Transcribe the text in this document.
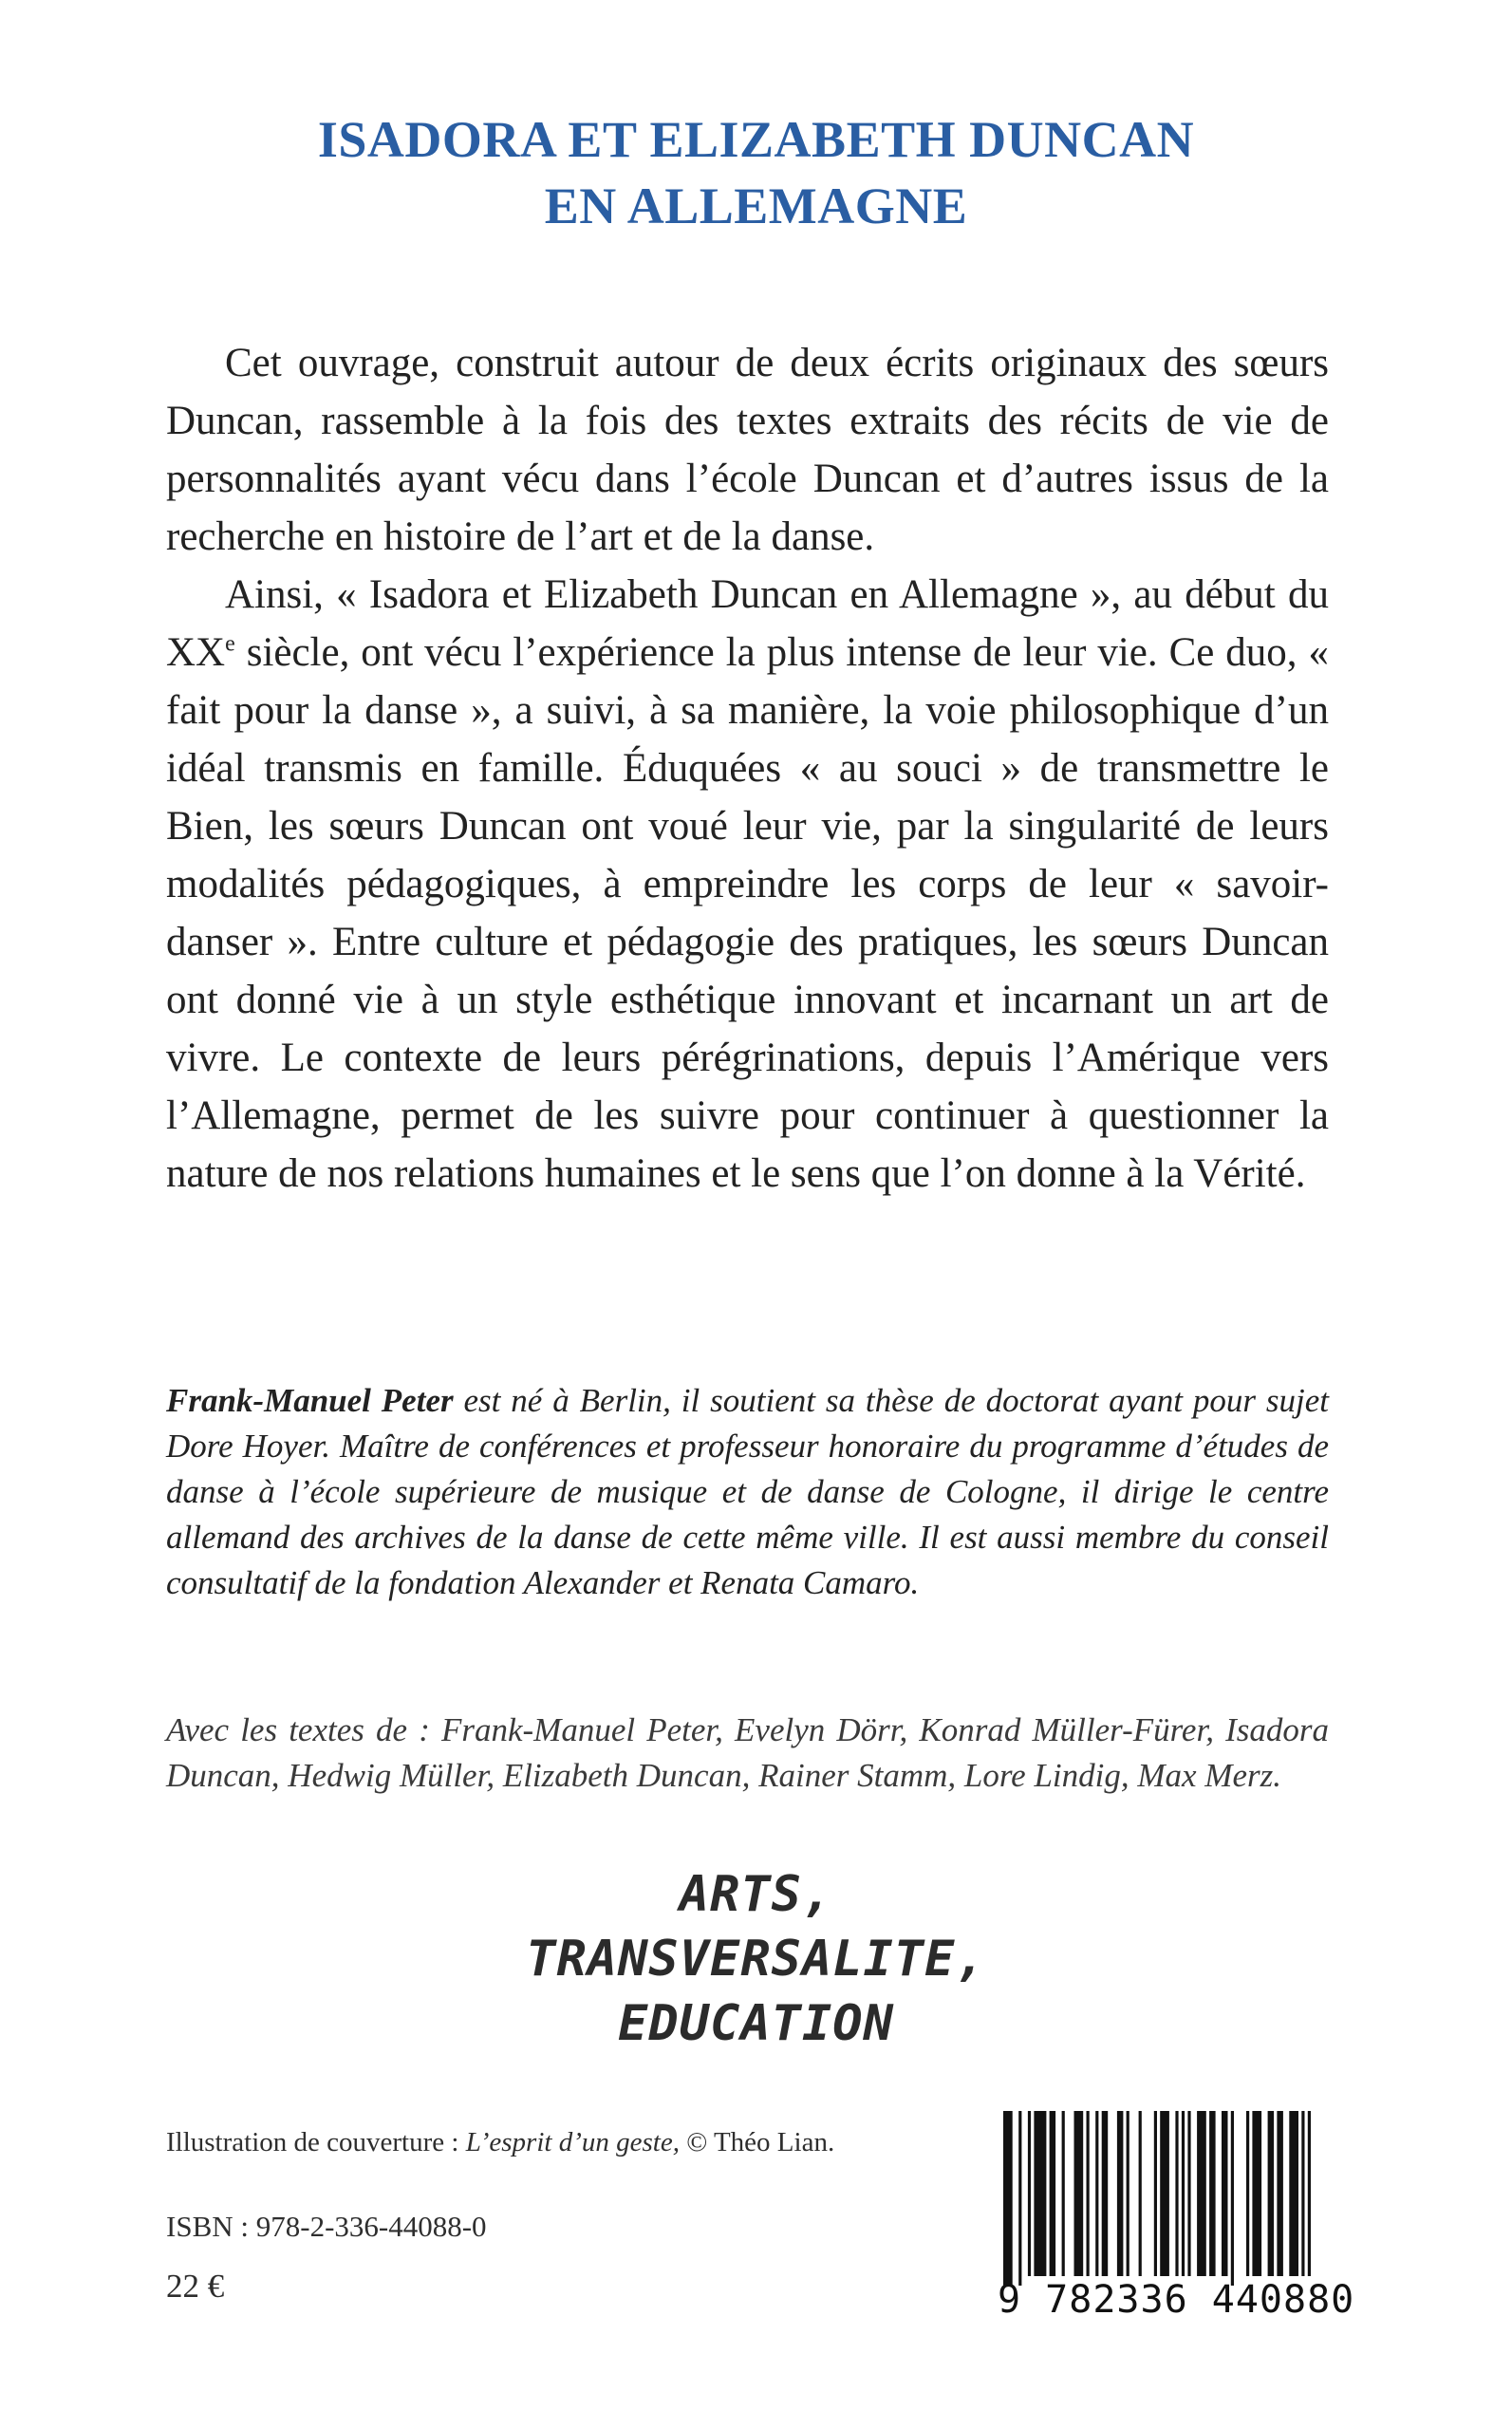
ISADORA ET ELIZABETH DUNCAN
EN ALLEMAGNE

Cet ouvrage, construit autour de deux écrits originaux des sœurs Duncan, rassemble à la fois des textes extraits des récits de vie de personnalités ayant vécu dans l’école Duncan et d’autres issus de la recherche en histoire de l’art et de la danse.

Ainsi, « Isadora et Elizabeth Duncan en Allemagne », au début du XXe siècle, ont vécu l’expérience la plus intense de leur vie. Ce duo, « fait pour la danse », a suivi, à sa manière, la voie philosophique d’un idéal transmis en famille. Éduquées « au souci » de transmettre le Bien, les sœurs Duncan ont voué leur vie, par la singularité de leurs modalités pédagogiques, à empreindre les corps de leur « savoir-danser ». Entre culture et pédagogie des pratiques, les sœurs Duncan ont donné vie à un style esthétique innovant et incarnant un art de vivre. Le contexte de leurs pérégrinations, depuis l’Amérique vers l’Allemagne, permet de les suivre pour continuer à questionner la nature de nos relations humaines et le sens que l’on donne à la Vérité.

Frank-Manuel Peter est né à Berlin, il soutient sa thèse de doctorat ayant pour sujet Dore Hoyer. Maître de conférences et professeur honoraire du programme d’études de danse à l’école supérieure de musique et de danse de Cologne, il dirige le centre allemand des archives de la danse de cette même ville. Il est aussi membre du conseil consultatif de la fondation Alexander et Renata Camaro.
Avec les textes de : Frank-Manuel Peter, Evelyn Dörr, Konrad Müller-Fürer, Isadora Duncan, Hedwig Müller, Elizabeth Duncan, Rainer Stamm, Lore Lindig, Max Merz.
ARTS,
TRANSVERSALITE,
EDUCATION
Illustration de couverture : L’esprit d’un geste, © Théo Lian.
ISBN : 978-2-336-44088-0
22 €	9 782336 440880
